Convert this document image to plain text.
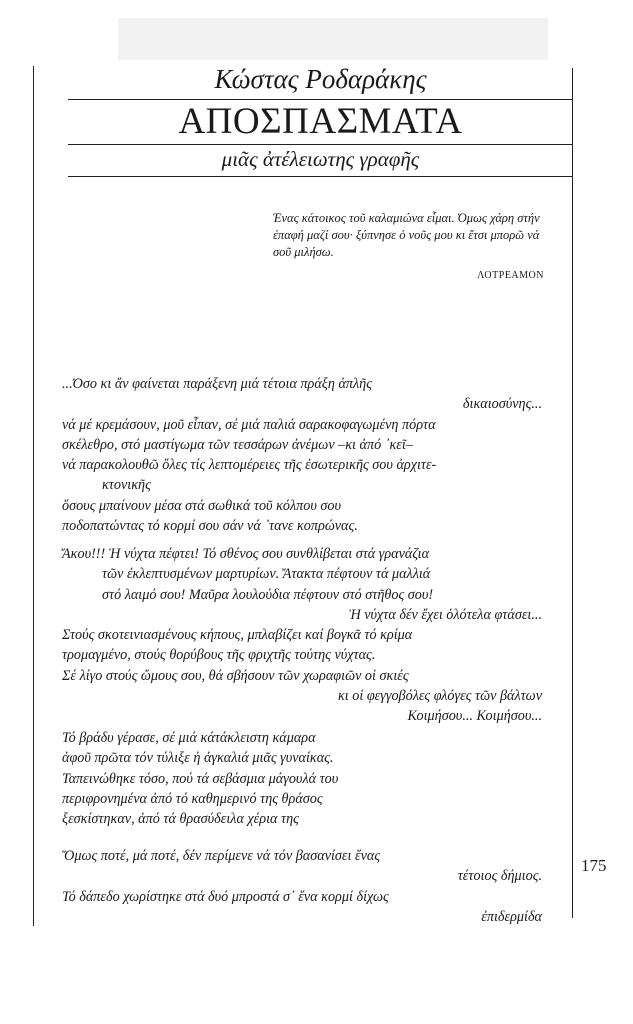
Κώστας Ροδαράκης
ΑΠΟΣΠΑΣΜΑΤΑ
μιᾶς ἀτέλειωτης γραφῆς

Ένας κάτοικος τοῦ καλαμιώνα εἶμαι. Όμως χάρη στήν

ἐπαφή μαζί σου· ξύπνησε ὁ νοῦς μου κι ἔτσι μπορῶ νά

σοῦ μιλήσω.

ΛΟΤΡΕΑΜΟΝ
...Όσο κι ἄν φαίνεται παράξενη μιά τέτοια πράξη ἁπλῆς
δικαιοσύνης...
νά μέ κρεμάσουν, μοῦ εἶπαν, σέ μιά παλιά σαρακοφαγωμένη πόρτα
σκέλεθρο, στό μαστίγωμα τῶν τεσσάρων ἀνέμων –κι ἀπό ᾽κεῖ–
νά παρακολουθῶ ὅλες τίς λεπτομέρειες τῆς ἐσωτερικῆς σου ἀρχιτε-
κτονικῆς
ὅσους μπαίνουν μέσα στά σωθικά τοῦ κόλπου σου
ποδοπατώντας τό κορμί σου σάν νά ᾽τανε κοπρώνας.
Ἄκου!!! Ἡ νύχτα πέφτει! Τό σθένος σου συνθλίβεται στά γρανάζια
τῶν ἐκλεπτυσμένων μαρτυρίων. Ἄτακτα πέφτουν τά μαλλιά
στό λαιμό σου! Μαῦρα λουλούδια πέφτουν στό στῆθος σου!
Ἡ νύχτα δέν ἔχει ὁλότελα φτάσει...
Στούς σκοτεινιασμένους κήπους, μπλαβίζει καί βογκᾶ τό κρίμα
τρομαγμένο, στούς θορύβους τῆς φριχτῆς τούτης νύχτας.
Σέ λίγο στούς ὤμους σου, θά σβήσουν τῶν χωραφιῶν οἱ σκιές
κι οἱ φεγγοβόλες φλόγες τῶν βάλτων
Κοιμήσου... Κοιμήσου...
Τό βράδυ γέρασε, σέ μιά κάτάκλειστη κάμαρα
ἀφοῦ πρῶτα τόν τύλιξε ἡ ἀγκαλιά μιᾶς γυναίκας.
Ταπεινώθηκε τόσο, πού τά σεβάσμια μάγουλά του
περιφρονημένα ἀπό τό καθημερινό της θράσος
ξεσκίστηκαν, ἀπό τά θρασύδειλα χέρια της
Ὅμως ποτέ, μά ποτέ, δέν περίμενε νά τόν βασανίσει ἕνας
τέτοιος δήμιος.
Τό δάπεδο χωρίστηκε στά δυό μπροστά σ᾽ ἕνα κορμί δίχως
ἐπιδερμίδα
175
